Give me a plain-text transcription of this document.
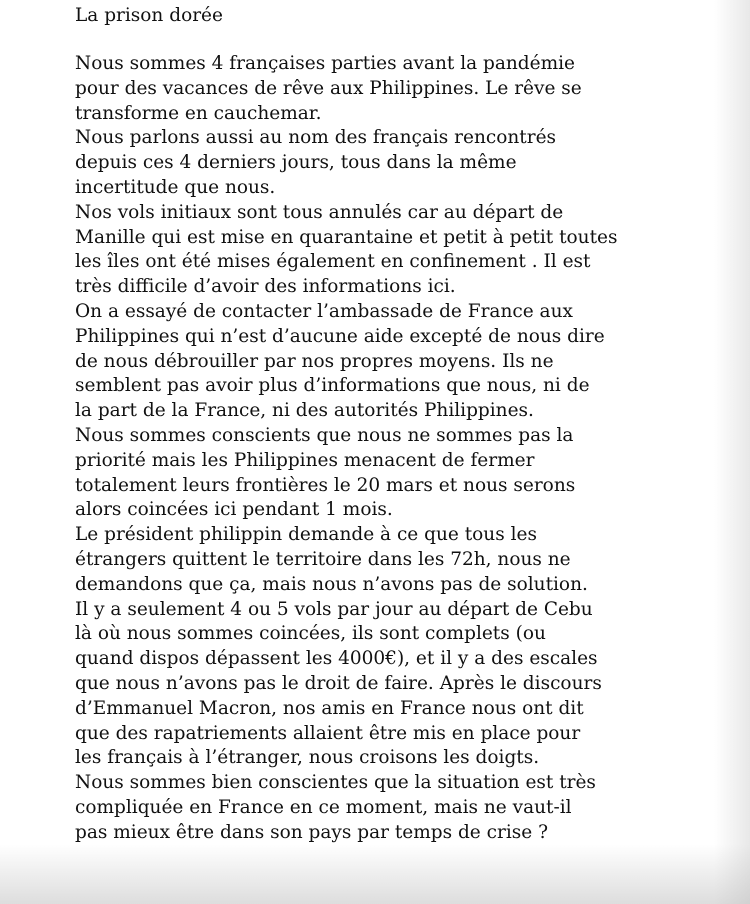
La prison dorée

Nous sommes 4 françaises parties avant la pandémie

pour des vacances de rêve aux Philippines. Le rêve se

transforme en cauchemar.

Nous parlons aussi au nom des français rencontrés

depuis ces 4 derniers jours, tous dans la même

incertitude que nous.

Nos vols initiaux sont tous annulés car au départ de

Manille qui est mise en quarantaine et petit à petit toutes

les îles ont été mises également en confinement . Il est

très difficile d’avoir des informations ici.

On a essayé de contacter l’ambassade de France aux

Philippines qui n’est d’aucune aide excepté de nous dire

de nous débrouiller par nos propres moyens. Ils ne

semblent pas avoir plus d’informations que nous, ni de

la part de la France, ni des autorités Philippines.

Nous sommes conscients que nous ne sommes pas la

priorité mais les Philippines menacent de fermer

totalement leurs frontières le 20 mars et nous serons

alors coincées ici pendant 1 mois.

Le président philippin demande à ce que tous les

étrangers quittent le territoire dans les 72h, nous ne

demandons que ça, mais nous n’avons pas de solution.

Il y a seulement 4 ou 5 vols par jour au départ de Cebu

là où nous sommes coincées, ils sont complets (ou

quand dispos dépassent les 4000€), et il y a des escales

que nous n’avons pas le droit de faire. Après le discours

d’Emmanuel Macron, nos amis en France nous ont dit

que des rapatriements allaient être mis en place pour

les français à l’étranger, nous croisons les doigts.

Nous sommes bien conscientes que la situation est très

compliquée en France en ce moment, mais ne vaut-il

pas mieux être dans son pays par temps de crise ?
